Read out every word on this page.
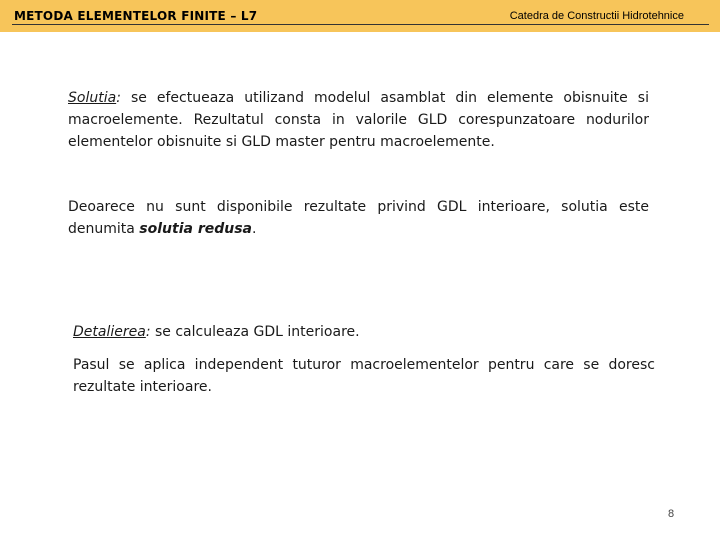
METODA ELEMENTELOR FINITE – L7	Catedra de Constructii Hidrotehnice

Solutia: se efectueaza utilizand modelul asamblat din elemente obisnuite si macroelemente. Rezultatul consta in valorile GLD corespunzatoare nodurilor elementelor obisnuite si GLD master pentru macroelemente.

Deoarece nu sunt disponibile rezultate privind GDL interioare, solutia este denumita solutia redusa.

Detalierea: se calculeaza GDL interioare.

Pasul se aplica independent tuturor macroelementelor pentru care se doresc rezultate interioare.

8
